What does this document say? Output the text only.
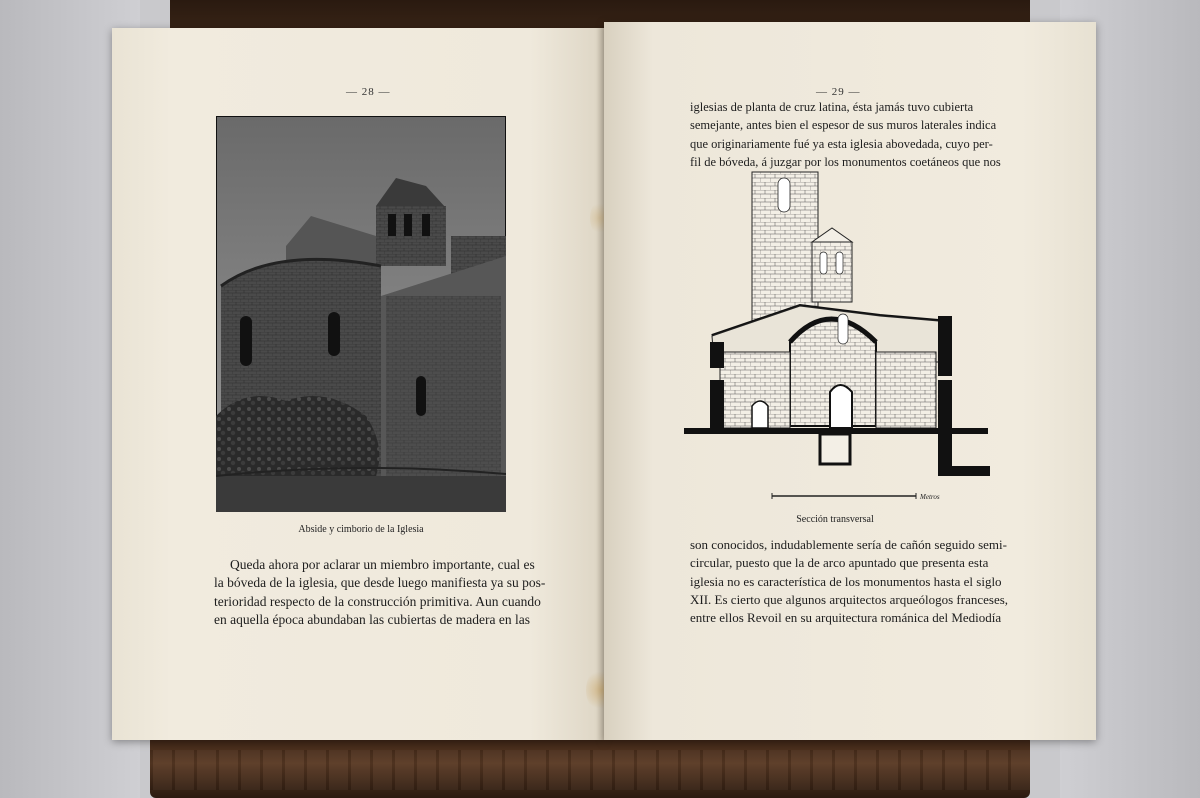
— 28 —
Abside y cimborio de la Iglesia
Queda ahora por aclarar un miembro importante, cual es
la bóveda de la iglesia, que desde luego manifiesta ya su pos-
terioridad respecto de la construcción primitiva. Aun cuando
en aquella época abundaban las cubiertas de madera en las
— 29 —
iglesias de planta de cruz latina, ésta jamás tuvo cubierta
semejante, antes bien el espesor de sus muros laterales indica
que originariamente fué ya esta iglesia abovedada, cuyo per-
fil de bóveda, á juzgar por los monumentos coetáneos que nos
Metros
Sección transversal
son conocidos, indudablemente sería de cañón seguido semi-
circular, puesto que la de arco apuntado que presenta esta
iglesia no es característica de los monumentos hasta el siglo
XII. Es cierto que algunos arquitectos arqueólogos franceses,
entre ellos Revoil en su arquitectura románica del Mediodía
